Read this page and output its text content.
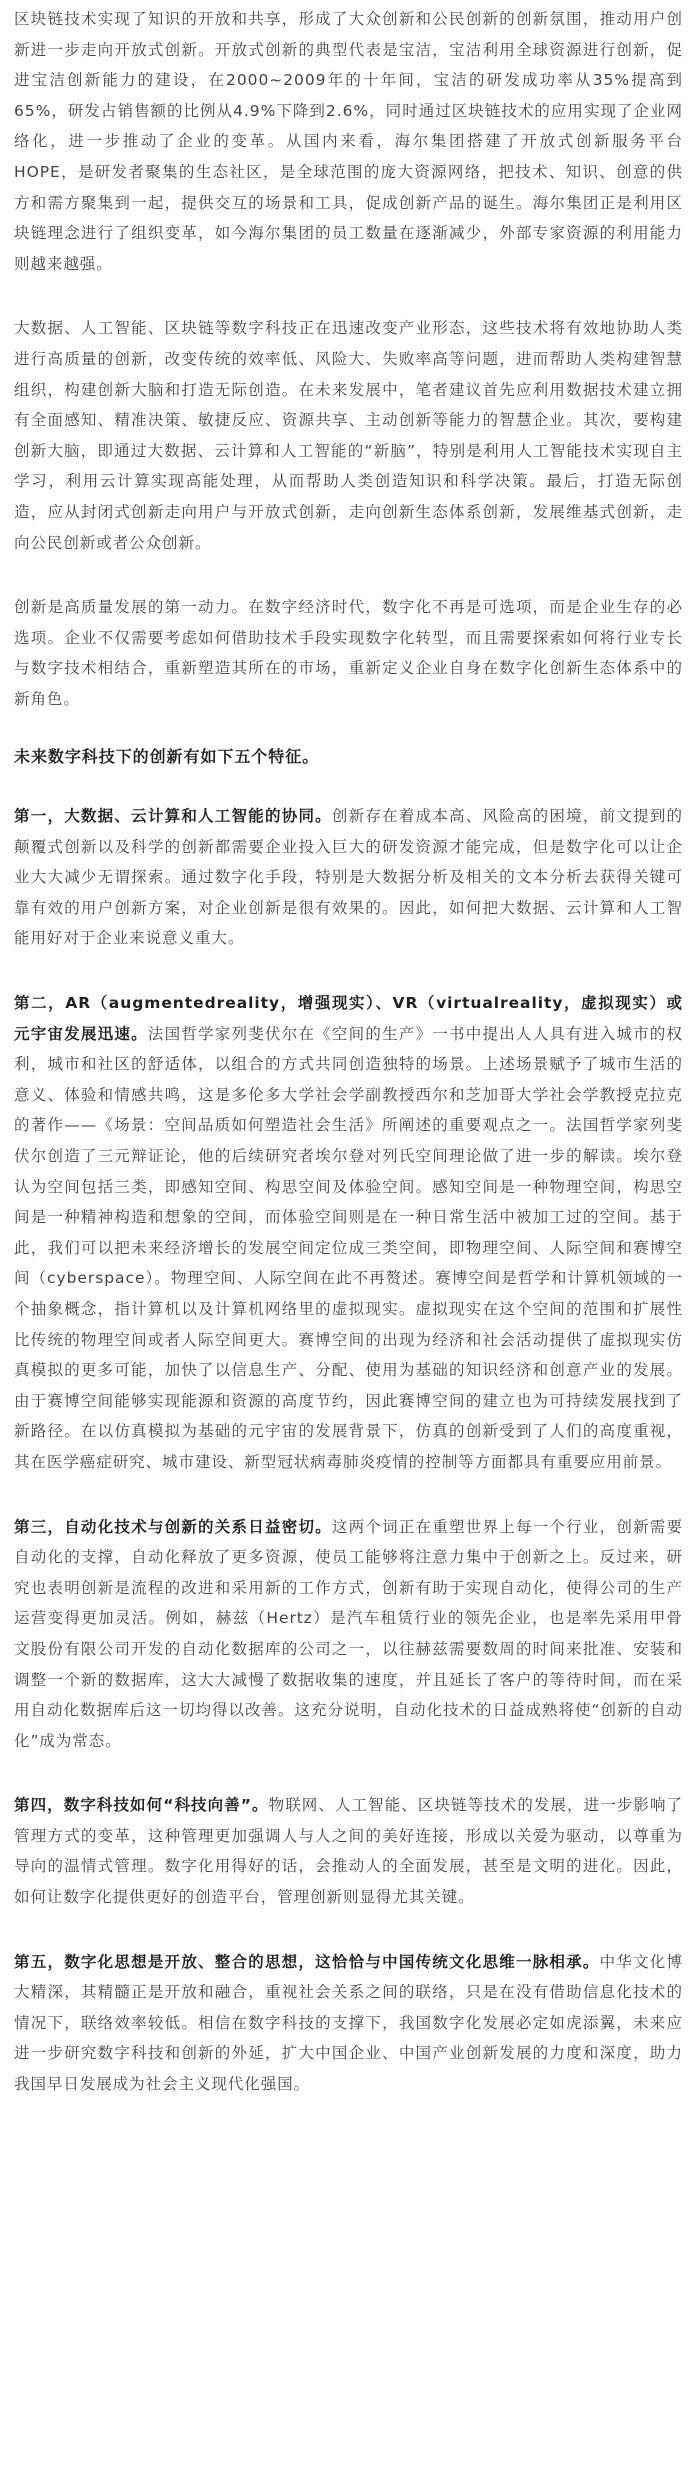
区块链技术实现了知识的开放和共享，形成了大众创新和公民创新的创新氛围，推动用户创新进一步走向开放式创新。开放式创新的典型代表是宝洁，宝洁利用全球资源进行创新，促进宝洁创新能力的建设，在2000~2009年的十年间，宝洁的研发成功率从35%提高到65%，研发占销售额的比例从4.9%下降到2.6%，同时通过区块链技术的应用实现了企业网络化，进一步推动了企业的变革。从国内来看，海尔集团搭建了开放式创新服务平台HOPE，是研发者聚集的生态社区，是全球范围的庞大资源网络，把技术、知识、创意的供方和需方聚集到一起，提供交互的场景和工具，促成创新产品的诞生。海尔集团正是利用区块链理念进行了组织变革，如今海尔集团的员工数量在逐渐减少，外部专家资源的利用能力则越来越强。

大数据、人工智能、区块链等数字科技正在迅速改变产业形态，这些技术将有效地协助人类进行高质量的创新，改变传统的效率低、风险大、失败率高等问题，进而帮助人类构建智慧组织，构建创新大脑和打造无际创造。在未来发展中，笔者建议首先应利用数据技术建立拥有全面感知、精准决策、敏捷反应、资源共享、主动创新等能力的智慧企业。其次，要构建创新大脑，即通过大数据、云计算和人工智能的“新脑”，特别是利用人工智能技术实现自主学习，利用云计算实现高能处理，从而帮助人类创造知识和科学决策。最后，打造无际创造，应从封闭式创新走向用户与开放式创新，走向创新生态体系创新，发展维基式创新，走向公民创新或者公众创新。

创新是高质量发展的第一动力。在数字经济时代，数字化不再是可选项，而是企业生存的必选项。企业不仅需要考虑如何借助技术手段实现数字化转型，而且需要探索如何将行业专长与数字技术相结合，重新塑造其所在的市场，重新定义企业自身在数字化创新生态体系中的新角色。

未来数字科技下的创新有如下五个特征。

第一，大数据、云计算和人工智能的协同。创新存在着成本高、风险高的困境，前文提到的颠覆式创新以及科学的创新都需要企业投入巨大的研发资源才能完成，但是数字化可以让企业大大减少无谓探索。通过数字化手段，特别是大数据分析及相关的文本分析去获得关键可靠有效的用户创新方案，对企业创新是很有效果的。因此，如何把大数据、云计算和人工智能用好对于企业来说意义重大。

第二，AR（augmentedreality，增强现实）、VR（virtualreality，虚拟现实）或元宇宙发展迅速。法国哲学家列斐伏尔在《空间的生产》一书中提出人人具有进入城市的权利，城市和社区的舒适体，以组合的方式共同创造独特的场景。上述场景赋予了城市生活的意义、体验和情感共鸣，这是多伦多大学社会学副教授西尔和芝加哥大学社会学教授克拉克的著作——《场景：空间品质如何塑造社会生活》所阐述的重要观点之一。法国哲学家列斐伏尔创造了三元辩证论，他的后续研究者埃尔登对列氏空间理论做了进一步的解读。埃尔登认为空间包括三类，即感知空间、构思空间及体验空间。感知空间是一种物理空间，构思空间是一种精神构造和想象的空间，而体验空间则是在一种日常生活中被加工过的空间。基于此，我们可以把未来经济增长的发展空间定位成三类空间，即物理空间、人际空间和赛博空间（cyberspace）。物理空间、人际空间在此不再赘述。赛博空间是哲学和计算机领域的一个抽象概念，指计算机以及计算机网络里的虚拟现实。虚拟现实在这个空间的范围和扩展性比传统的物理空间或者人际空间更大。赛博空间的出现为经济和社会活动提供了虚拟现实仿真模拟的更多可能，加快了以信息生产、分配、使用为基础的知识经济和创意产业的发展。由于赛博空间能够实现能源和资源的高度节约，因此赛博空间的建立也为可持续发展找到了新路径。在以仿真模拟为基础的元宇宙的发展背景下，仿真的创新受到了人们的高度重视，其在医学癌症研究、城市建设、新型冠状病毒肺炎疫情的控制等方面都具有重要应用前景。

第三，自动化技术与创新的关系日益密切。这两个词正在重塑世界上每一个行业，创新需要自动化的支撑，自动化释放了更多资源，使员工能够将注意力集中于创新之上。反过来，研究也表明创新是流程的改进和采用新的工作方式，创新有助于实现自动化，使得公司的生产运营变得更加灵活。例如，赫兹（Hertz）是汽车租赁行业的领先企业，也是率先采用甲骨文股份有限公司开发的自动化数据库的公司之一，以往赫兹需要数周的时间来批准、安装和调整一个新的数据库，这大大减慢了数据收集的速度，并且延长了客户的等待时间，而在采用自动化数据库后这一切均得以改善。这充分说明，自动化技术的日益成熟将使“创新的自动化”成为常态。

第四，数字科技如何“科技向善”。物联网、人工智能、区块链等技术的发展，进一步影响了管理方式的变革，这种管理更加强调人与人之间的美好连接，形成以关爱为驱动，以尊重为导向的温情式管理。数字化用得好的话，会推动人的全面发展，甚至是文明的进化。因此，如何让数字化提供更好的创造平台，管理创新则显得尤其关键。

第五，数字化思想是开放、整合的思想，这恰恰与中国传统文化思维一脉相承。中华文化博大精深，其精髓正是开放和融合，重视社会关系之间的联络，只是在没有借助信息化技术的情况下，联络效率较低。相信在数字科技的支撑下，我国数字化发展必定如虎添翼，未来应进一步研究数字科技和创新的外延，扩大中国企业、中国产业创新发展的力度和深度，助力我国早日发展成为社会主义现代化强国。
